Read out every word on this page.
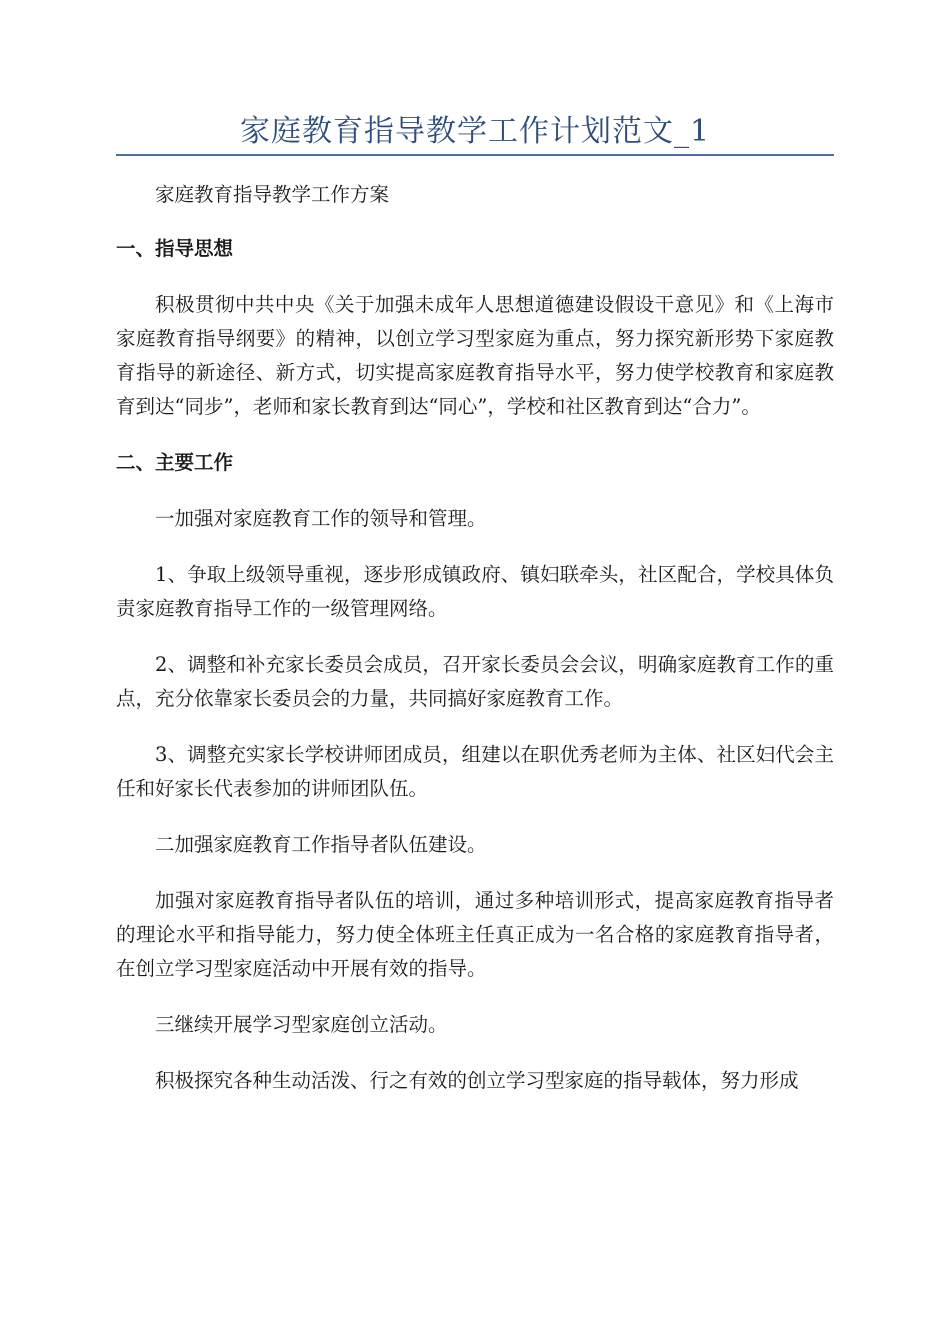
家庭教育指导教学工作计划范文_1

家庭教育指导教学工作方案

一、指导思想

积极贯彻中共中央《关于加强未成年人思想道德建设假设干意见》和《上海市家庭教育指导纲要》的精神，以创立学习型家庭为重点，努力探究新形势下家庭教育指导的新途径、新方式，切实提高家庭教育指导水平，努力使学校教育和家庭教育到达“同步”，老师和家长教育到达“同心”，学校和社区教育到达“合力”。

二、主要工作

一加强对家庭教育工作的领导和管理。

1、争取上级领导重视，逐步形成镇政府、镇妇联牵头，社区配合，学校具体负责家庭教育指导工作的一级管理网络。

2、调整和补充家长委员会成员，召开家长委员会会议，明确家庭教育工作的重点，充分依靠家长委员会的力量，共同搞好家庭教育工作。

3、调整充实家长学校讲师团成员，组建以在职优秀老师为主体、社区妇代会主任和好家长代表参加的讲师团队伍。

二加强家庭教育工作指导者队伍建设。

加强对家庭教育指导者队伍的培训，通过多种培训形式，提高家庭教育指导者的理论水平和指导能力，努力使全体班主任真正成为一名合格的家庭教育指导者，在创立学习型家庭活动中开展有效的指导。

三继续开展学习型家庭创立活动。

积极探究各种生动活泼、行之有效的创立学习型家庭的指导载体，努力形成
